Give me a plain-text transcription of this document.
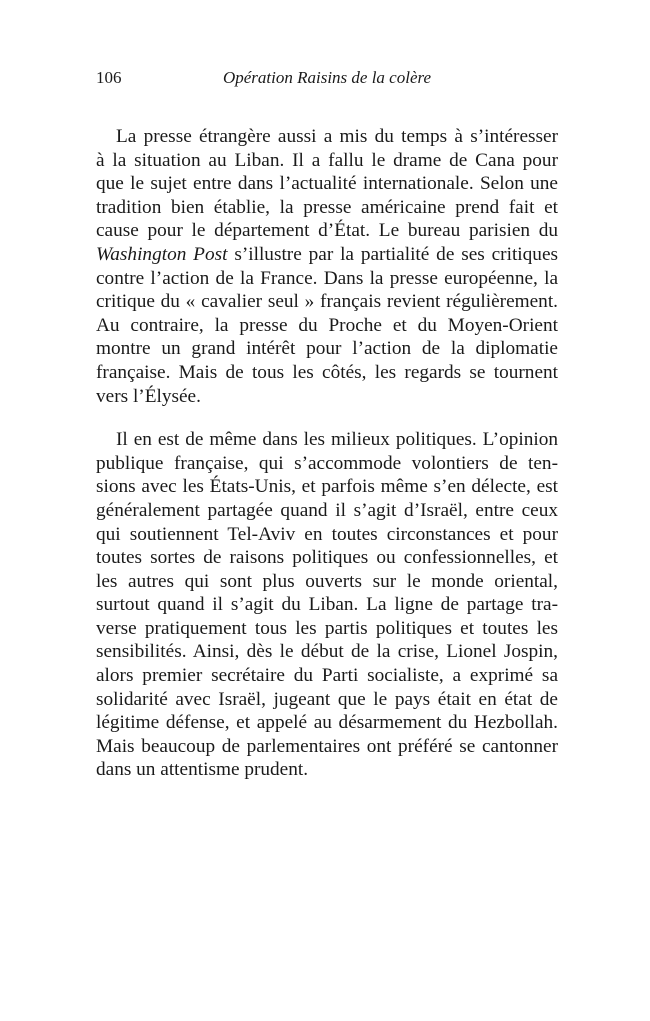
106	Opération Raisins de la colère
La presse étrangère aussi a mis du temps à s’intéresser
à la situation au Liban. Il a fallu le drame de Cana pour
que le sujet entre dans l’actualité internationale. Selon une
tradition bien établie, la presse américaine prend fait et
cause pour le département d’État. Le bureau parisien du
Washington Post s’illustre par la partialité de ses critiques
contre l’action de la France. Dans la presse européenne, la
critique du « cavalier seul » français revient régulièrement.
Au contraire, la presse du Proche et du Moyen-Orient
montre un grand intérêt pour l’action de la diplomatie
française. Mais de tous les côtés, les regards se tournent
vers l’Élysée.
Il en est de même dans les milieux politiques. L’opinion
publique française, qui s’accommode volontiers de ten-
sions avec les États-Unis, et parfois même s’en délecte, est
généralement partagée quand il s’agit d’Israël, entre ceux
qui soutiennent Tel-Aviv en toutes circonstances et pour
toutes sortes de raisons politiques ou confessionnelles, et
les autres qui sont plus ouverts sur le monde oriental,
surtout quand il s’agit du Liban. La ligne de partage tra-
verse pratiquement tous les partis politiques et toutes les
sensibilités. Ainsi, dès le début de la crise, Lionel Jospin,
alors premier secrétaire du Parti socialiste, a exprimé sa
solidarité avec Israël, jugeant que le pays était en état de
légitime défense, et appelé au désarmement du Hezbollah.
Mais beaucoup de parlementaires ont préféré se cantonner
dans un attentisme prudent.
